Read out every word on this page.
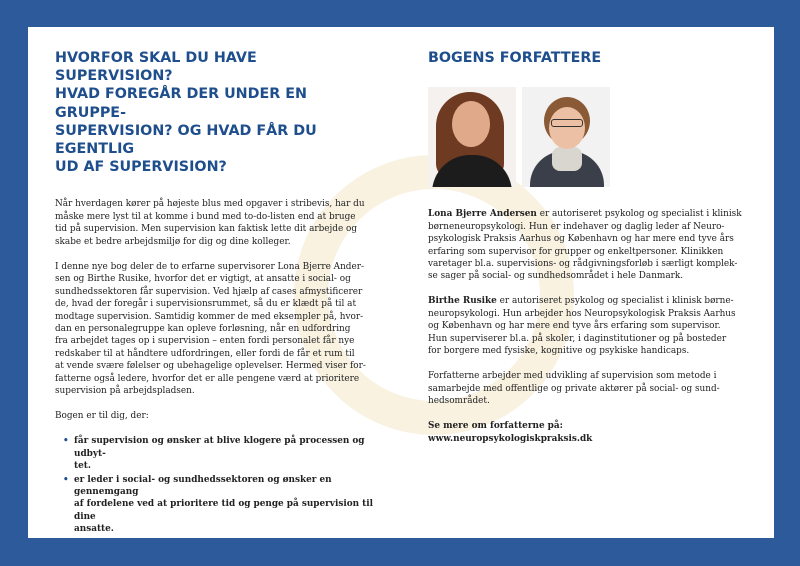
HVORFOR SKAL DU HAVE SUPERVISION?
HVAD FOREGÅR DER UNDER EN GRUPPE-
SUPERVISION? OG HVAD FÅR DU EGENTLIG
UD AF SUPERVISION?

Når hverdagen kører på højeste blus med opgaver i stribevis, har du
måske mere lyst til at komme i bund med to-do-listen end at bruge
tid på supervision. Men supervision kan faktisk lette dit arbejde og
skabe et bedre arbejdsmiljø for dig og dine kolleger.

I denne nye bog deler de to erfarne supervisorer Lona Bjerre Ander-
sen og Birthe Rusike, hvorfor det er vigtigt, at ansatte i social- og
sundhedssektoren får supervision. Ved hjælp af cases afmystificerer
de, hvad der foregår i supervisionsrummet, så du er klædt på til at
modtage supervision. Samtidig kommer de med eksempler på, hvor-
dan en personalegruppe kan opleve forløsning, når en udfordring
fra arbejdet tages op i supervision – enten fordi personalet får nye
redskaber til at håndtere udfordringen, eller fordi de får et rum til
at vende svære følelser og ubehagelige oplevelser. Hermed viser for-
fatterne også ledere, hvorfor det er alle pengene værd at prioritere
supervision på arbejdspladsen.

Bogen er til dig, der:

• får supervision og ønsker at blive klogere på processen og udbyt-
tet.
• er leder i social- og sundhedssektoren og ønsker en gennemgang
af fordelene ved at prioritere tid og penge på supervision til dine
ansatte.
BOGENS FORFATTERE

Lona Bjerre Andersen er autoriseret psykolog og specialist i klinisk
børneneuropsykologi. Hun er indehaver og daglig leder af Neuro-
psykologisk Praksis Aarhus og København og har mere end tyve års
erfaring som supervisor for grupper og enkeltpersoner. Klinikken
varetager bl.a. supervisions- og rådgivningsforløb i særligt komplek-
se sager på social- og sundhedsområdet i hele Danmark.

Birthe Rusike er autoriseret psykolog og specialist i klinisk børne-
neuropsykologi. Hun arbejder hos Neuropsykologisk Praksis Aarhus
og København og har mere end tyve års erfaring som supervisor.
Hun superviserer bl.a. på skoler, i daginstitutioner og på bosteder
for borgere med fysiske, kognitive og psykiske handicaps.

Forfatterne arbejder med udvikling af supervision som metode i
samarbejde med offentlige og private aktører på social- og sund-
hedsområdet.

Se mere om forfatterne på:
www.neuropsykologiskpraksis.dk
